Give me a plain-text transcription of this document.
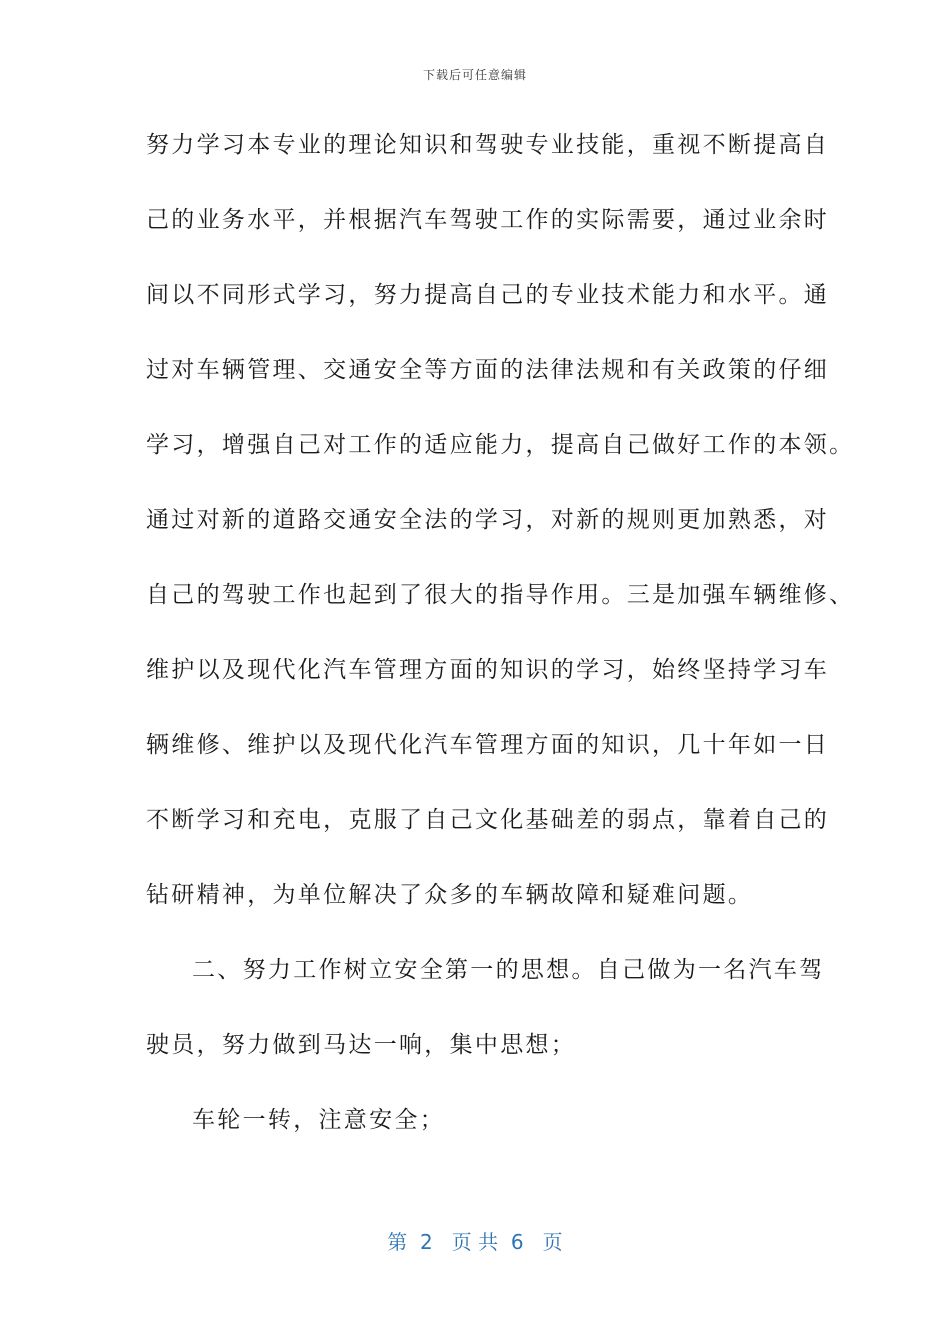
下载后可任意编辑
努力学习本专业的理论知识和驾驶专业技能，重视不断提高自
己的业务水平，并根据汽车驾驶工作的实际需要，通过业余时
间以不同形式学习，努力提高自己的专业技术能力和水平。通
过对车辆管理、交通安全等方面的法律法规和有关政策的仔细
学习，增强自己对工作的适应能力，提高自己做好工作的本领。
通过对新的道路交通安全法的学习，对新的规则更加熟悉，对
自己的驾驶工作也起到了很大的指导作用。三是加强车辆维修、
维护以及现代化汽车管理方面的知识的学习，始终坚持学习车
辆维修、维护以及现代化汽车管理方面的知识，几十年如一日
不断学习和充电，克服了自己文化基础差的弱点，靠着自己的
钻研精神，为单位解决了众多的车辆故障和疑难问题。
二、努力工作树立安全第一的思想。自己做为一名汽车驾
驶员，努力做到马达一响，集中思想；
车轮一转，注意安全；
第  2   页 共  6   页
